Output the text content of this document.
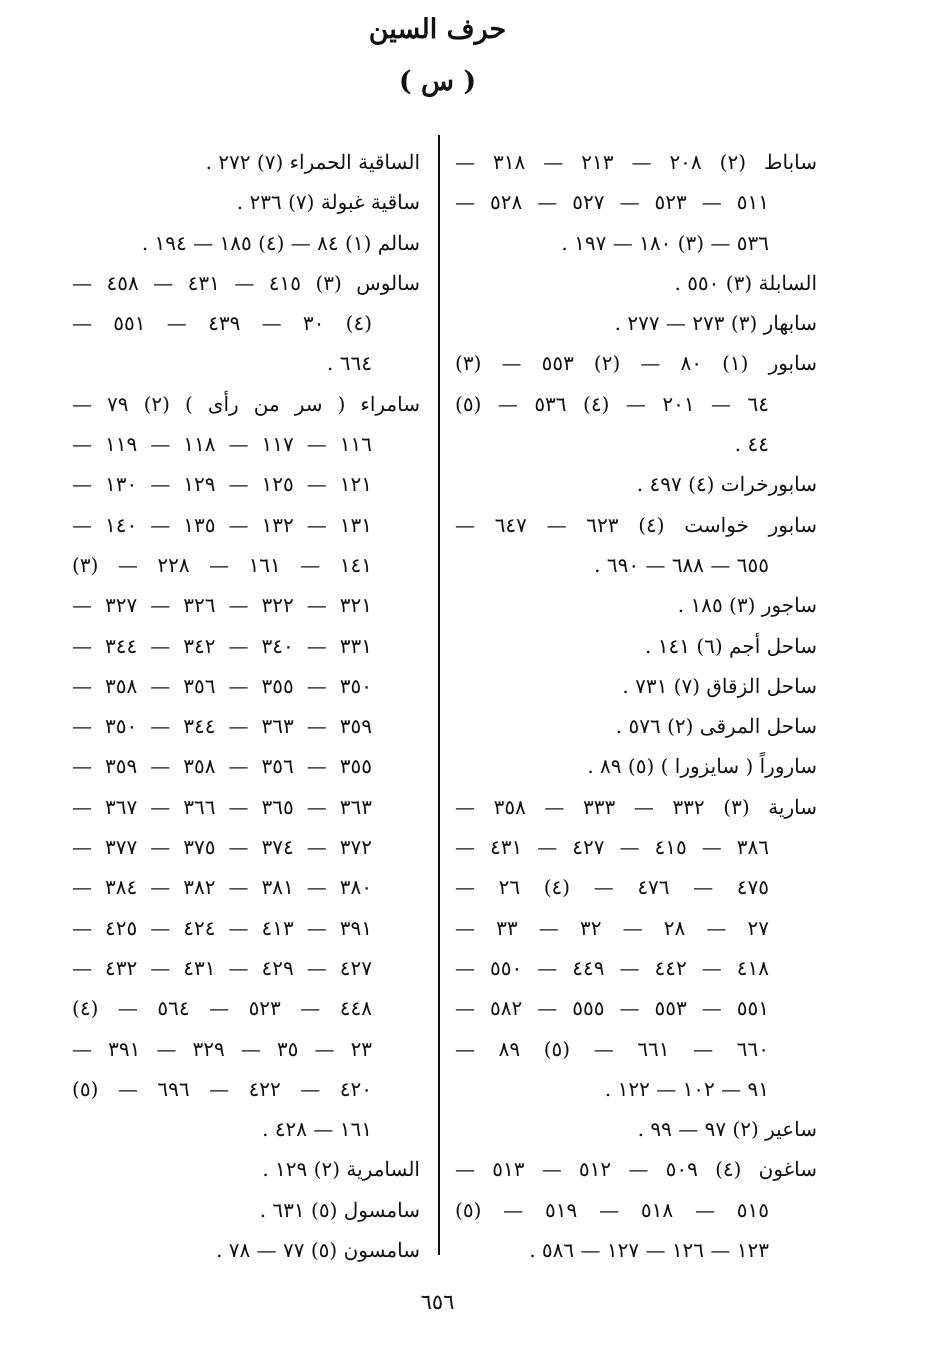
حرف السين
( س )
ساباط (٢) ٢٠٨ — ٢١٣ — ٣١٨ —
٥١١ — ٥٢٣ — ٥٢٧ — ٥٢٨ —
٥٣٦ — (٣) ١٨٠ — ١٩٧ .
السابلة (٣) ٥٥٠ .
سابهار (٣) ٢٧٣ — ٢٧٧ .
سابور (١) ٨٠ — (٢) ٥٥٣ — (٣)
٦٤ — ٢٠١ — (٤) ٥٣٦ — (٥)
٤٤ .
سابورخرات (٤) ٤٩٧ .
سابور خواست (٤) ٦٢٣ — ٦٤٧ —
٦٥٥ — ٦٨٨ — ٦٩٠ .
ساجور (٣) ١٨٥ .
ساحل أجم (٦) ١٤١ .
ساحل الزقاق (٧) ٧٣١ .
ساحل المرقى (٢) ٥٧٦ .
ساروراً ( سايزورا ) (٥) ٨٩ .
سارية (٣) ٣٣٢ — ٣٣٣ — ٣٥٨ —
٣٨٦ — ٤١٥ — ٤٢٧ — ٤٣١ —
٤٧٥ — ٤٧٦ — (٤) ٢٦ —
٢٧ — ٢٨ — ٣٢ — ٣٣ —
٤١٨ — ٤٤٢ — ٤٤٩ — ٥٥٠ —
٥٥١ — ٥٥٣ — ٥٥٥ — ٥٨٢ —
٦٦٠ — ٦٦١ — (٥) ٨٩ —
٩١ — ١٠٢ — ١٢٢ .
ساعير (٢) ٩٧ — ٩٩ .
ساغون (٤) ٥٠٩ — ٥١٢ — ٥١٣ —
٥١٥ — ٥١٨ — ٥١٩ — (٥)
١٢٣ — ١٢٦ — ١٢٧ — ٥٨٦ .
الساقية الحمراء (٧) ٢٧٢ .
ساقية غبولة (٧) ٢٣٦ .
سالم (١) ٨٤ — (٤) ١٨٥ — ١٩٤ .
سالوس (٣) ٤١٥ — ٤٣١ — ٤٥٨ —
(٤) ٣٠ — ٤٣٩ — ٥٥١ —
٦٦٤ .
سامراء ( سر من رأى ) (٢) ٧٩ —
١١٦ — ١١٧ — ١١٨ — ١١٩ —
١٢١ — ١٢٥ — ١٢٩ — ١٣٠ —
١٣١ — ١٣٢ — ١٣٥ — ١٤٠ —
١٤١ — ١٦١ — ٢٢٨ — (٣)
٣٢١ — ٣٢٢ — ٣٢٦ — ٣٢٧ —
٣٣١ — ٣٤٠ — ٣٤٢ — ٣٤٤ —
٣٥٠ — ٣٥٥ — ٣٥٦ — ٣٥٨ —
٣٥٩ — ٣٦٣ — ٣٤٤ — ٣٥٠ —
٣٥٥ — ٣٥٦ — ٣٥٨ — ٣٥٩ —
٣٦٣ — ٣٦٥ — ٣٦٦ — ٣٦٧ —
٣٧٢ — ٣٧٤ — ٣٧٥ — ٣٧٧ —
٣٨٠ — ٣٨١ — ٣٨٢ — ٣٨٤ —
٣٩١ — ٤١٣ — ٤٢٤ — ٤٢٥ —
٤٢٧ — ٤٢٩ — ٤٣١ — ٤٣٢ —
٤٤٨ — ٥٢٣ — ٥٦٤ — (٤)
٢٣ — ٣٥ — ٣٢٩ — ٣٩١ —
٤٢٠ — ٤٢٢ — ٦٩٦ — (٥)
١٦١ — ٤٢٨ .
السامرية (٢) ١٢٩ .
سامسول (٥) ٦٣١ .
سامسون (٥) ٧٧ — ٧٨ .
٦٥٦
